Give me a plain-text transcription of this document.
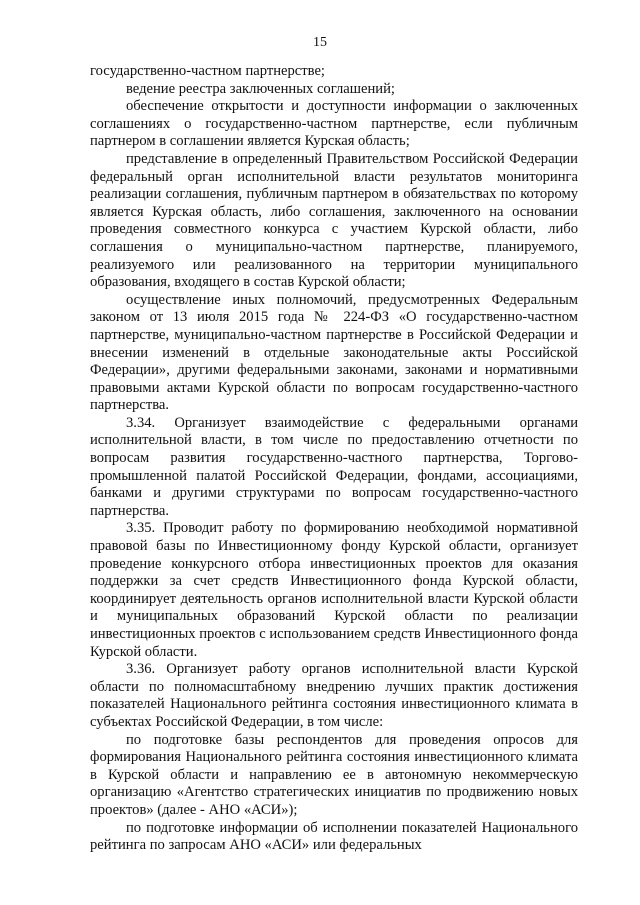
15

государственно-частном партнерстве;

ведение реестра заключенных соглашений;

обеспечение открытости и доступности информации о заключенных соглашениях о государственно-частном партнерстве, если публичным партнером в соглашении является Курская область;

представление в определенный Правительством Российской Федерации федеральный орган исполнительной власти результатов мониторинга реализации соглашения, публичным партнером в обязательствах по которому является Курская область, либо соглашения, заключенного на основании проведения совместного конкурса с участием Курской области, либо соглашения о муниципально-частном партнерстве, планируемого, реализуемого или реализованного на территории муниципального образования, входящего в состав Курской области;

осуществление иных полномочий, предусмотренных Федеральным законом от 13 июля 2015 года № 224-ФЗ «О государственно-частном партнерстве, муниципально-частном партнерстве в Российской Федерации и внесении изменений в отдельные законодательные акты Российской Федерации», другими федеральными законами, законами и нормативными правовыми актами Курской области по вопросам государственно-частного партнерства.

3.34. Организует взаимодействие с федеральными органами исполнительной власти, в том числе по предоставлению отчетности по вопросам развития государственно-частного партнерства, Торгово-промышленной палатой Российской Федерации, фондами, ассоциациями, банками и другими структурами по вопросам государственно-частного партнерства.

3.35. Проводит работу по формированию необходимой нормативной правовой базы по Инвестиционному фонду Курской области, организует проведение конкурсного отбора инвестиционных проектов для оказания поддержки за счет средств Инвестиционного фонда Курской области, координирует деятельность органов исполнительной власти Курской области и муниципальных образований Курской области по реализации инвестиционных проектов с использованием средств Инвестиционного фонда Курской области.

3.36. Организует работу органов исполнительной власти Курской области по полномасштабному внедрению лучших практик достижения показателей Национального рейтинга состояния инвестиционного климата в субъектах Российской Федерации, в том числе:

по подготовке базы респондентов для проведения опросов для формирования Национального рейтинга состояния инвестиционного климата в Курской области и направлению ее в автономную некоммерческую организацию «Агентство стратегических инициатив по продвижению новых проектов» (далее - АНО «АСИ»);

по подготовке информации об исполнении показателей Национального рейтинга по запросам АНО «АСИ» или федеральных
